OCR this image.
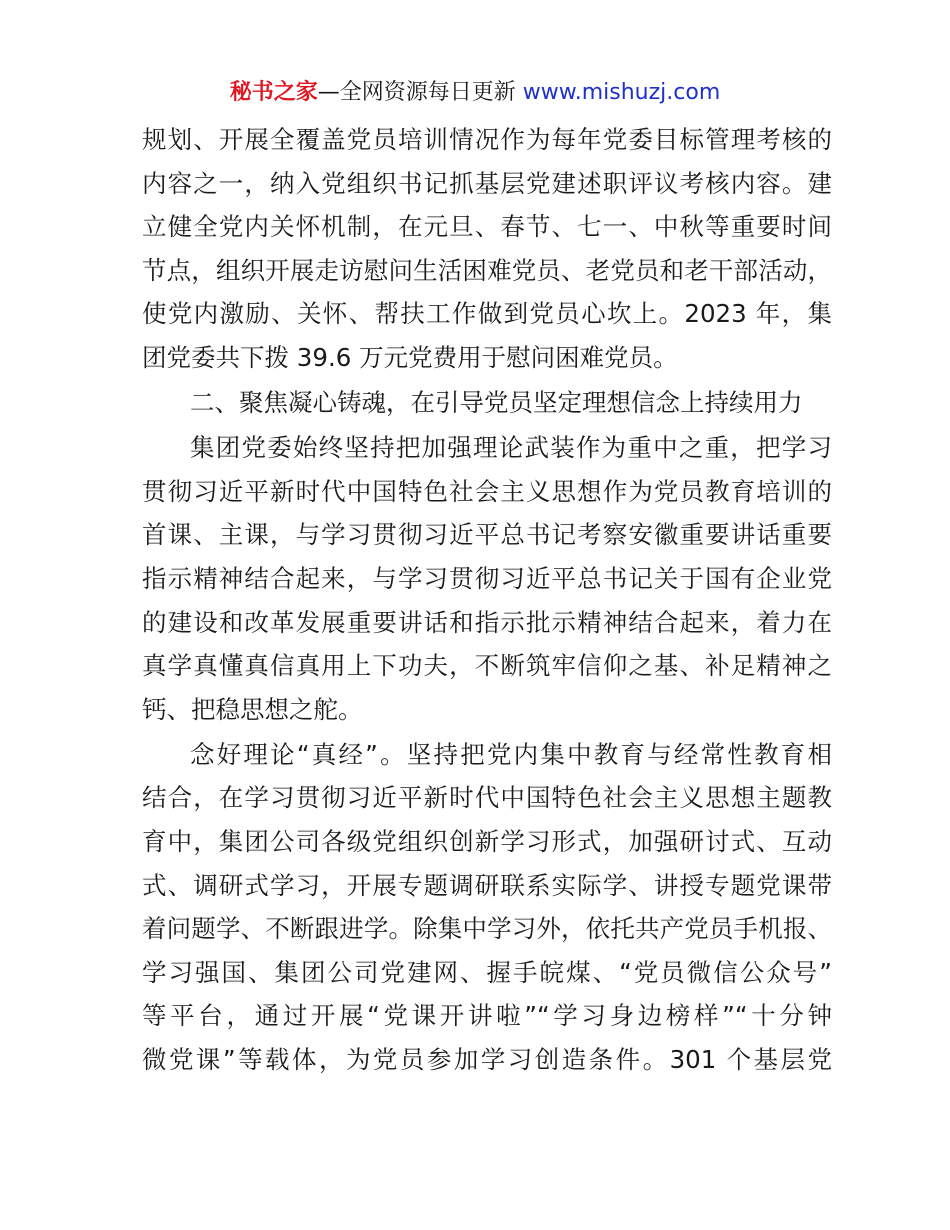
秘书之家—全网资源每日更新 www.mishuzj.com
规划、开展全覆盖党员培训情况作为每年党委目标管理考核的
内容之一，纳入党组织书记抓基层党建述职评议考核内容。建
立健全党内关怀机制，在元旦、春节、七一、中秋等重要时间
节点，组织开展走访慰问生活困难党员、老党员和老干部活动，
使党内激励、关怀、帮扶工作做到党员心坎上。2023 年，集
团党委共下拨 39.6 万元党费用于慰问困难党员。
二、聚焦凝心铸魂，在引导党员坚定理想信念上持续用力
集团党委始终坚持把加强理论武装作为重中之重，把学习
贯彻习近平新时代中国特色社会主义思想作为党员教育培训的
首课、主课，与学习贯彻习近平总书记考察安徽重要讲话重要
指示精神结合起来，与学习贯彻习近平总书记关于国有企业党
的建设和改革发展重要讲话和指示批示精神结合起来，着力在
真学真懂真信真用上下功夫，不断筑牢信仰之基、补足精神之
钙、把稳思想之舵。
念好理论“真经”。坚持把党内集中教育与经常性教育相
结合，在学习贯彻习近平新时代中国特色社会主义思想主题教
育中，集团公司各级党组织创新学习形式，加强研讨式、互动
式、调研式学习，开展专题调研联系实际学、讲授专题党课带
着问题学、不断跟进学。除集中学习外，依托共产党员手机报、
学习强国、集团公司党建网、握手皖煤、“党员微信公众号”
等平台，通过开展“党课开讲啦”“学习身边榜样”“十分钟
微党课”等载体，为党员参加学习创造条件。301 个基层党
